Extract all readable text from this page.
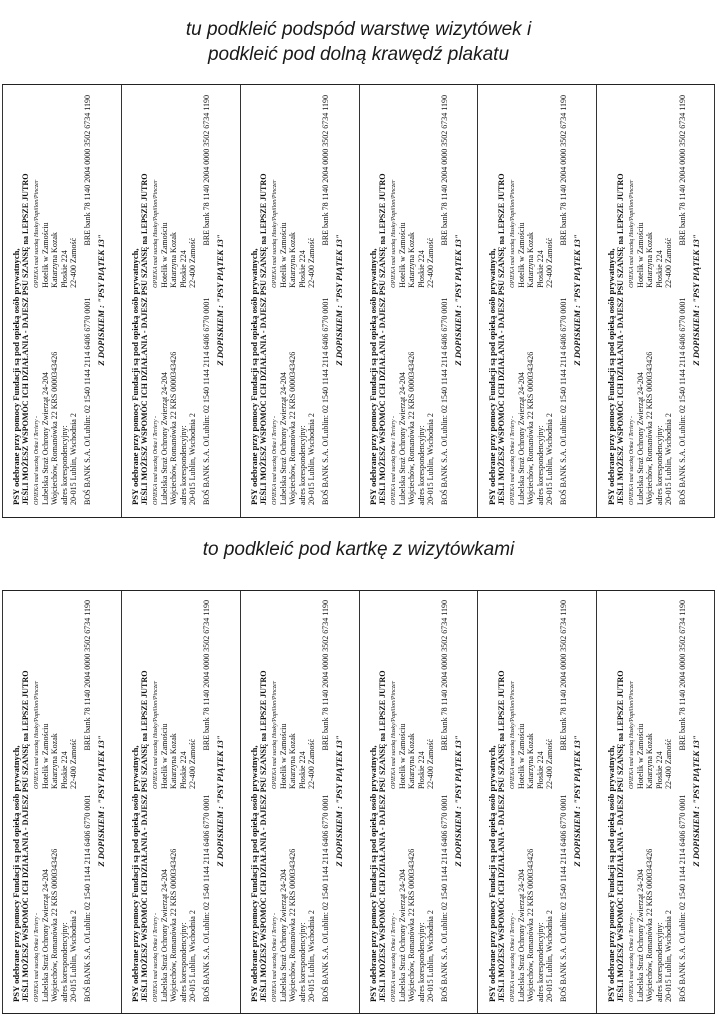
tu podkleić podspód warstwę wizytówek i
podkleić pod dolną krawędź plakatu
PSY odebrane przy pomocy Fundacji są pod opieką osób prywatnych, JEŚLI MOŻESZ WSPOMÓC ICH DZIAŁANIA - DAJESZ PSU SZANSĘ na LEPSZE JUTRO OPIEKA nad suczką Onka i Teriery - Lubelska Straż Ochrony Zwierząt 24-204 Wojciechów, Romanówka 22 KRS 0000343426 adres korespondencyjny: 20-015 Lublin, Wschodnia 2
OPIEKA nad suczką Husky/Papillon/Pinczer Hotelik w Zamościu Katarzyna Kozak Płoskie 224 22-400 Zamość
BOŚ BANK S.A. O/Lublin: 02 1540 1144 2114 6406 6770 0001
BRE bank 78 1140 2004 0000 3502 6734 1190
Z DOPISKIEM : "PSY PIĄTEK 13"	PSY odebrane przy pomocy Fundacji są pod opieką osób prywatnych, JEŚLI MOŻESZ WSPOMÓC ICH DZIAŁANIA - DAJESZ PSU SZANSĘ na LEPSZE JUTRO OPIEKA nad suczką Onka i Teriery - Lubelska Straż Ochrony Zwierząt 24-204 Wojciechów, Romanówka 22 KRS 0000343426 adres korespondencyjny: 20-015 Lublin, Wschodnia 2
OPIEKA nad suczką Husky/Papillon/Pinczer Hotelik w Zamościu Katarzyna Kozak Płoskie 224 22-400 Zamość
BOŚ BANK S.A. O/Lublin: 02 1540 1144 2114 6406 6770 0001
BRE bank 78 1140 2004 0000 3502 6734 1190
Z DOPISKIEM : "PSY PIĄTEK 13"	PSY odebrane przy pomocy Fundacji są pod opieką osób prywatnych, JEŚLI MOŻESZ WSPOMÓC ICH DZIAŁANIA - DAJESZ PSU SZANSĘ na LEPSZE JUTRO OPIEKA nad suczką Onka i Teriery - Lubelska Straż Ochrony Zwierząt 24-204 Wojciechów, Romanówka 22 KRS 0000343426 adres korespondencyjny: 20-015 Lublin, Wschodnia 2
OPIEKA nad suczką Husky/Papillon/Pinczer Hotelik w Zamościu Katarzyna Kozak Płoskie 224 22-400 Zamość
BOŚ BANK S.A. O/Lublin: 02 1540 1144 2114 6406 6770 0001
BRE bank 78 1140 2004 0000 3502 6734 1190
Z DOPISKIEM : "PSY PIĄTEK 13"	PSY odebrane przy pomocy Fundacji są pod opieką osób prywatnych, JEŚLI MOŻESZ WSPOMÓC ICH DZIAŁANIA - DAJESZ PSU SZANSĘ na LEPSZE JUTRO OPIEKA nad suczką Onka i Teriery - Lubelska Straż Ochrony Zwierząt 24-204 Wojciechów, Romanówka 22 KRS 0000343426 adres korespondencyjny: 20-015 Lublin, Wschodnia 2
OPIEKA nad suczką Husky/Papillon/Pinczer Hotelik w Zamościu Katarzyna Kozak Płoskie 224 22-400 Zamość
BOŚ BANK S.A. O/Lublin: 02 1540 1144 2114 6406 6770 0001
BRE bank 78 1140 2004 0000 3502 6734 1190
Z DOPISKIEM : "PSY PIĄTEK 13"	PSY odebrane przy pomocy Fundacji są pod opieką osób prywatnych, JEŚLI MOŻESZ WSPOMÓC ICH DZIAŁANIA - DAJESZ PSU SZANSĘ na LEPSZE JUTRO OPIEKA nad suczką Onka i Teriery - Lubelska Straż Ochrony Zwierząt 24-204 Wojciechów, Romanówka 22 KRS 0000343426 adres korespondencyjny: 20-015 Lublin, Wschodnia 2
OPIEKA nad suczką Husky/Papillon/Pinczer Hotelik w Zamościu Katarzyna Kozak Płoskie 224 22-400 Zamość
BOŚ BANK S.A. O/Lublin: 02 1540 1144 2114 6406 6770 0001
BRE bank 78 1140 2004 0000 3502 6734 1190
Z DOPISKIEM : "PSY PIĄTEK 13"	PSY odebrane przy pomocy Fundacji są pod opieką osób prywatnych, JEŚLI MOŻESZ WSPOMÓC ICH DZIAŁANIA - DAJESZ PSU SZANSĘ na LEPSZE JUTRO OPIEKA nad suczką Onka i Teriery - Lubelska Straż Ochrony Zwierząt 24-204 Wojciechów, Romanówka 22 KRS 0000343426 adres korespondencyjny: 20-015 Lublin, Wschodnia 2
OPIEKA nad suczką Husky/Papillon/Pinczer Hotelik w Zamościu Katarzyna Kozak Płoskie 224 22-400 Zamość
BOŚ BANK S.A. O/Lublin: 02 1540 1144 2114 6406 6770 0001
BRE bank 78 1140 2004 0000 3502 6734 1190
Z DOPISKIEM : "PSY PIĄTEK 13"
to podkleić pod kartkę z wizytówkami
PSY odebrane przy pomocy Fundacji są pod opieką osób prywatnych, JEŚLI MOŻESZ WSPOMÓC ICH DZIAŁANIA - DAJESZ PSU SZANSĘ na LEPSZE JUTRO OPIEKA nad suczką Onka i Teriery - Lubelska Straż Ochrony Zwierząt 24-204 Wojciechów, Romanówka 22 KRS 0000343426 adres korespondencyjny: 20-015 Lublin, Wschodnia 2
OPIEKA nad suczką Husky/Papillon/Pinczer Hotelik w Zamościu Katarzyna Kozak Płoskie 224 22-400 Zamość
BOŚ BANK S.A. O/Lublin: 02 1540 1144 2114 6406 6770 0001
BRE bank 78 1140 2004 0000 3502 6734 1190
Z DOPISKIEM : "PSY PIĄTEK 13"	PSY odebrane przy pomocy Fundacji są pod opieką osób prywatnych, JEŚLI MOŻESZ WSPOMÓC ICH DZIAŁANIA - DAJESZ PSU SZANSĘ na LEPSZE JUTRO OPIEKA nad suczką Onka i Teriery - Lubelska Straż Ochrony Zwierząt 24-204 Wojciechów, Romanówka 22 KRS 0000343426 adres korespondencyjny: 20-015 Lublin, Wschodnia 2
OPIEKA nad suczką Husky/Papillon/Pinczer Hotelik w Zamościu Katarzyna Kozak Płoskie 224 22-400 Zamość
BOŚ BANK S.A. O/Lublin: 02 1540 1144 2114 6406 6770 0001
BRE bank 78 1140 2004 0000 3502 6734 1190
Z DOPISKIEM : "PSY PIĄTEK 13"	PSY odebrane przy pomocy Fundacji są pod opieką osób prywatnych, JEŚLI MOŻESZ WSPOMÓC ICH DZIAŁANIA - DAJESZ PSU SZANSĘ na LEPSZE JUTRO OPIEKA nad suczką Onka i Teriery - Lubelska Straż Ochrony Zwierząt 24-204 Wojciechów, Romanówka 22 KRS 0000343426 adres korespondencyjny: 20-015 Lublin, Wschodnia 2
OPIEKA nad suczką Husky/Papillon/Pinczer Hotelik w Zamościu Katarzyna Kozak Płoskie 224 22-400 Zamość
BOŚ BANK S.A. O/Lublin: 02 1540 1144 2114 6406 6770 0001
BRE bank 78 1140 2004 0000 3502 6734 1190
Z DOPISKIEM : "PSY PIĄTEK 13"	PSY odebrane przy pomocy Fundacji są pod opieką osób prywatnych, JEŚLI MOŻESZ WSPOMÓC ICH DZIAŁANIA - DAJESZ PSU SZANSĘ na LEPSZE JUTRO OPIEKA nad suczką Onka i Teriery - Lubelska Straż Ochrony Zwierząt 24-204 Wojciechów, Romanówka 22 KRS 0000343426 adres korespondencyjny: 20-015 Lublin, Wschodnia 2
OPIEKA nad suczką Husky/Papillon/Pinczer Hotelik w Zamościu Katarzyna Kozak Płoskie 224 22-400 Zamość
BOŚ BANK S.A. O/Lublin: 02 1540 1144 2114 6406 6770 0001
BRE bank 78 1140 2004 0000 3502 6734 1190
Z DOPISKIEM : "PSY PIĄTEK 13"	PSY odebrane przy pomocy Fundacji są pod opieką osób prywatnych, JEŚLI MOŻESZ WSPOMÓC ICH DZIAŁANIA - DAJESZ PSU SZANSĘ na LEPSZE JUTRO OPIEKA nad suczką Onka i Teriery - Lubelska Straż Ochrony Zwierząt 24-204 Wojciechów, Romanówka 22 KRS 0000343426 adres korespondencyjny: 20-015 Lublin, Wschodnia 2
OPIEKA nad suczką Husky/Papillon/Pinczer Hotelik w Zamościu Katarzyna Kozak Płoskie 224 22-400 Zamość
BOŚ BANK S.A. O/Lublin: 02 1540 1144 2114 6406 6770 0001
BRE bank 78 1140 2004 0000 3502 6734 1190
Z DOPISKIEM : "PSY PIĄTEK 13"	PSY odebrane przy pomocy Fundacji są pod opieką osób prywatnych, JEŚLI MOŻESZ WSPOMÓC ICH DZIAŁANIA - DAJESZ PSU SZANSĘ na LEPSZE JUTRO OPIEKA nad suczką Onka i Teriery - Lubelska Straż Ochrony Zwierząt 24-204 Wojciechów, Romanówka 22 KRS 0000343426 adres korespondencyjny: 20-015 Lublin, Wschodnia 2
OPIEKA nad suczką Husky/Papillon/Pinczer Hotelik w Zamościu Katarzyna Kozak Płoskie 224 22-400 Zamość
BOŚ BANK S.A. O/Lublin: 02 1540 1144 2114 6406 6770 0001
BRE bank 78 1140 2004 0000 3502 6734 1190
Z DOPISKIEM : "PSY PIĄTEK 13"
